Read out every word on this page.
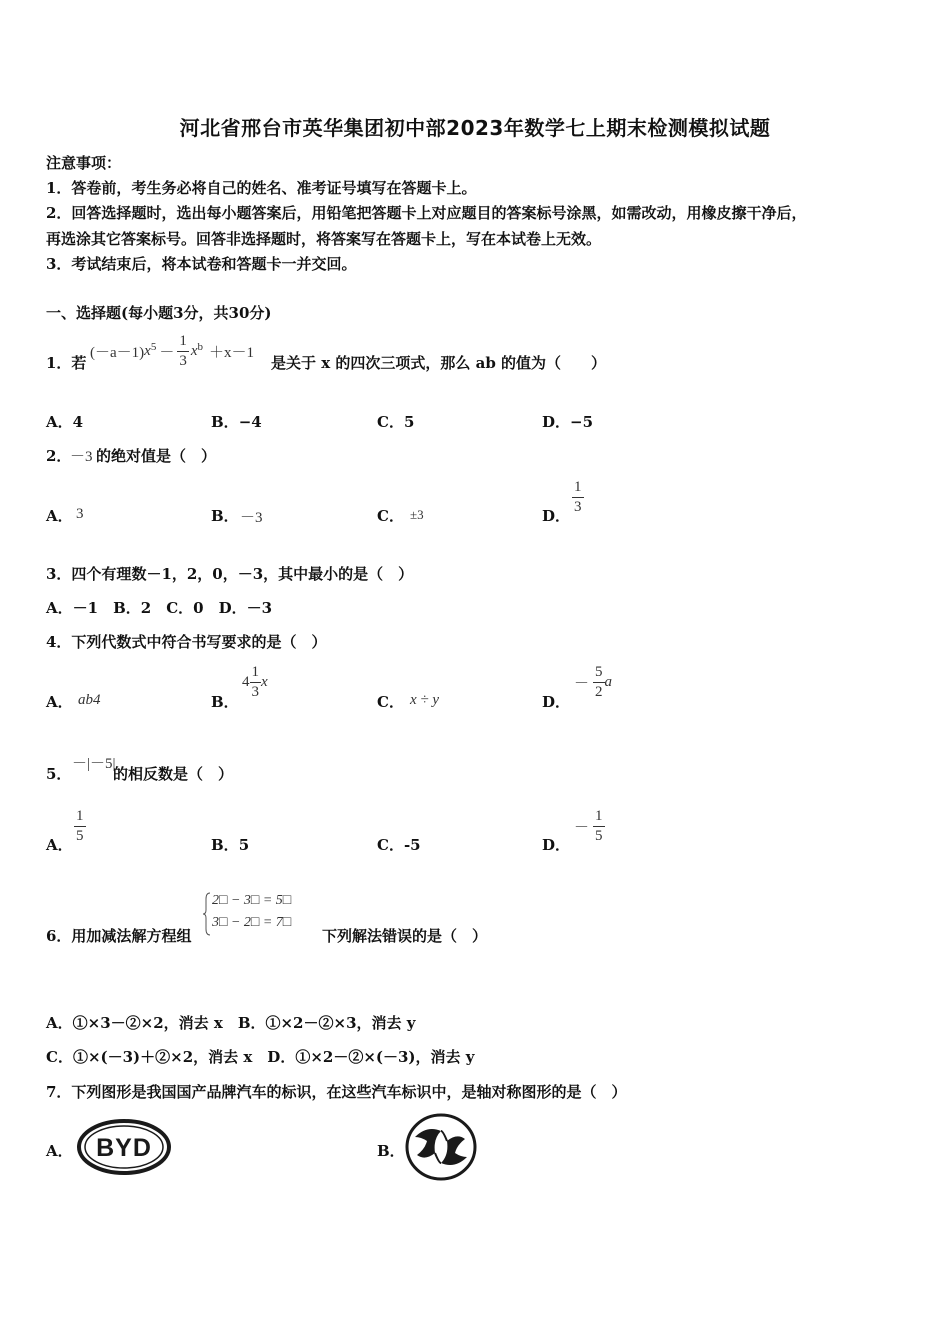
河北省邢台市英华集团初中部2023年数学七上期末检测模拟试题
注意事项：
1．答卷前，考生务必将自己的姓名、准考证号填写在答题卡上。
2．回答选择题时，选出每小题答案后，用铅笔把答题卡上对应题目的答案标号涂黑，如需改动，用橡皮擦干净后，
再选涂其它答案标号。回答非选择题时，将答案写在答题卡上，写在本试卷上无效。
3．考试结束后，将本试卷和答题卡一并交回。
一、选择题(每小题3分，共30分)
1．若
(－a－1) $x^5 - \frac{1}{3} x^b +x-1$
是关于 x 的四次三项式，那么 ab 的值为（　　）
A．4	B．−4	C．5	D．−5
2．
－3 的绝对值是（　）
A． 3	B． －3	C． ±3	D．
$\frac{1}{3}$
3．四个有理数－1，2，0，－3，其中最小的是（　）
A．－1　B．2　C．0　D．－3
4．下列代数式中符合书写要求的是（　）
A． ab4	B．
$4 \frac{1}{3}$ x
C． x ÷ y	D．
－ $\frac{5}{2}$ a
5．
－|－5|
的相反数是（　）
A．
$\frac{1}{5}$
B．5	C．-5	D．
－ $\frac{1}{5}$
6．用加减法解方程组
2□ − 3□ = 5□
3□ − 2□ = 7□
下列解法错误的是（　）
A．①×3－②×2，消去 x　B．①×2－②×3，消去 y
C．①×(－3)＋②×2，消去 x　D．①×2－②×(－3)，消去 y
7．下列图形是我国国产品牌汽车的标识，在这些汽车标识中，是轴对称图形的是（　）
A． BYD	B．
